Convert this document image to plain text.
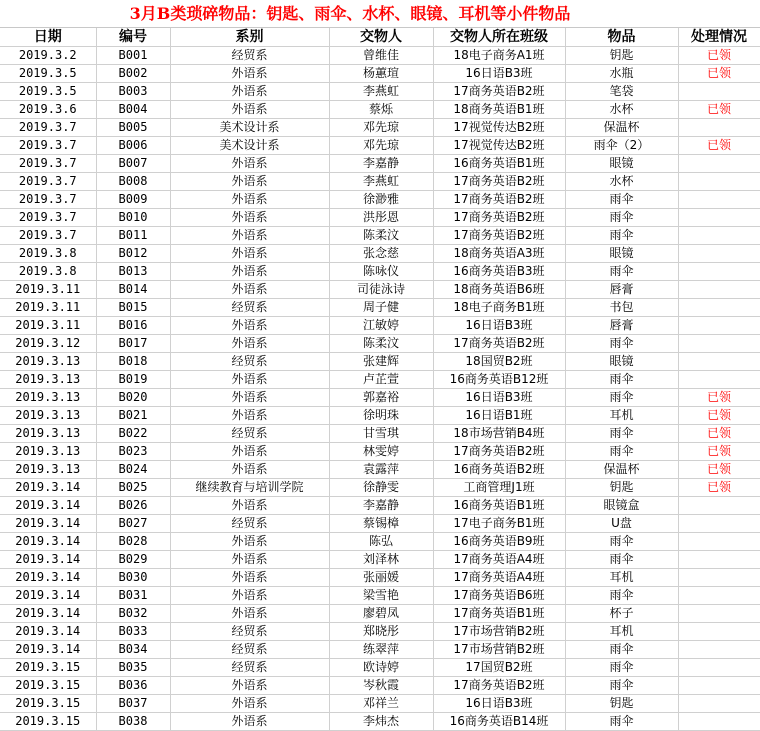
3月B类琐碎物品：钥匙、雨伞、水杯、眼镜、耳机等小件物品
日期	编号	系别	交物人	交物人所在班级	物品	处理情况
2019.3.2	B001	经贸系	曾维佳	18电子商务A1班	钥匙	已领
2019.3.5	B002	外语系	杨蕙瑄	16日语B3班	水瓶	已领
2019.3.5	B003	外语系	李燕虹	17商务英语B2班	笔袋	
2019.3.6	B004	外语系	蔡烁	18商务英语B1班	水杯	已领
2019.3.7	B005	美术设计系	邓先琼	17视觉传达B2班	保温杯	
2019.3.7	B006	美术设计系	邓先琼	17视觉传达B2班	雨伞（2）	已领
2019.3.7	B007	外语系	李嘉静	16商务英语B1班	眼镜	
2019.3.7	B008	外语系	李燕虹	17商务英语B2班	水杯	
2019.3.7	B009	外语系	徐渺雅	17商务英语B2班	雨伞	
2019.3.7	B010	外语系	洪彤恩	17商务英语B2班	雨伞	
2019.3.7	B011	外语系	陈柔汶	17商务英语B2班	雨伞	
2019.3.8	B012	外语系	张念慈	18商务英语A3班	眼镜	
2019.3.8	B013	外语系	陈咏仪	16商务英语B3班	雨伞	
2019.3.11	B014	外语系	司徒泳诗	18商务英语B6班	唇膏	
2019.3.11	B015	经贸系	周子健	18电子商务B1班	书包	
2019.3.11	B016	外语系	江敏婷	16日语B3班	唇膏	
2019.3.12	B017	外语系	陈柔汶	17商务英语B2班	雨伞	
2019.3.13	B018	经贸系	张建辉	18国贸B2班	眼镜	
2019.3.13	B019	外语系	卢芷萱	16商务英语B12班	雨伞	
2019.3.13	B020	外语系	郭嘉裕	16日语B3班	雨伞	已领
2019.3.13	B021	外语系	徐明珠	16日语B1班	耳机	已领
2019.3.13	B022	经贸系	甘雪琪	18市场营销B4班	雨伞	已领
2019.3.13	B023	外语系	林雯婷	17商务英语B2班	雨伞	已领
2019.3.13	B024	外语系	袁露萍	16商务英语B2班	保温杯	已领
2019.3.14	B025	继续教育与培训学院	徐静雯	工商管理J1班	钥匙	已领
2019.3.14	B026	外语系	李嘉静	16商务英语B1班	眼镜盒	
2019.3.14	B027	经贸系	蔡锡樟	17电子商务B1班	U盘	
2019.3.14	B028	外语系	陈弘	16商务英语B9班	雨伞	
2019.3.14	B029	外语系	刘泽林	17商务英语A4班	雨伞	
2019.3.14	B030	外语系	张丽媛	17商务英语A4班	耳机	
2019.3.14	B031	外语系	梁雪艳	17商务英语B6班	雨伞	
2019.3.14	B032	外语系	廖碧凤	17商务英语B1班	杯子	
2019.3.14	B033	经贸系	郑晓彤	17市场营销B2班	耳机	
2019.3.14	B034	经贸系	练翠萍	17市场营销B2班	雨伞	
2019.3.15	B035	经贸系	欧诗婷	17国贸B2班	雨伞	
2019.3.15	B036	外语系	岑秋霞	17商务英语B2班	雨伞	
2019.3.15	B037	外语系	邓祥兰	16日语B3班	钥匙	
2019.3.15	B038	外语系	李炜杰	16商务英语B14班	雨伞	
